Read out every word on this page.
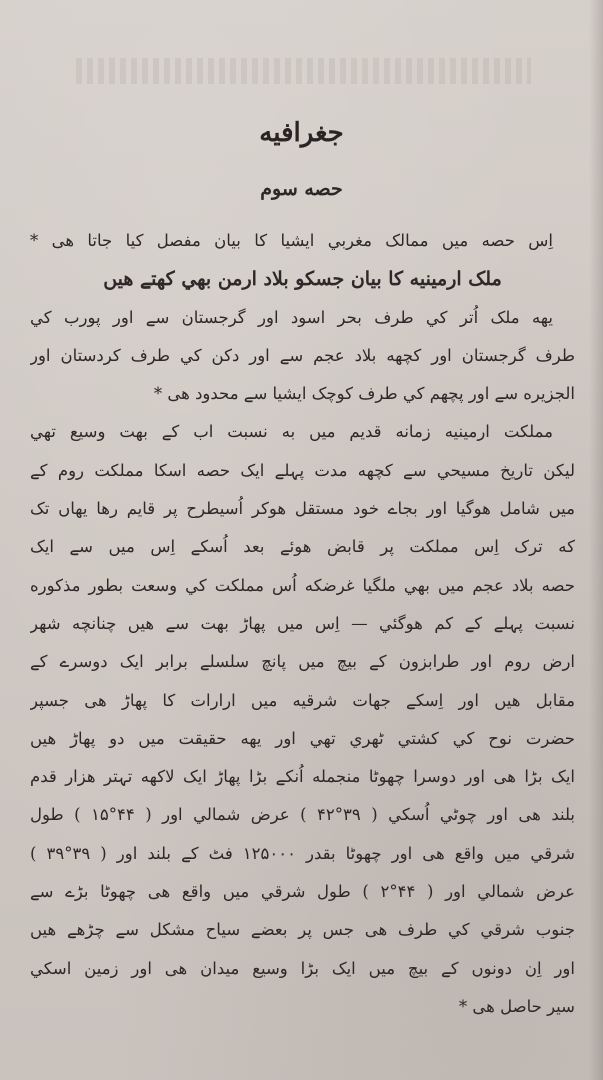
جغرافیه
حصه سوم
اِس حصه میں ممالک مغربي ایشیا کا بیان مفصل کیا جاتا هی *
ملک ارمینیه کا بیان جسکو بلاد ارمن بهي کهتے هیں
یهه ملک اُتر کي طرف بحر اسود اور گرجستان سے اور پورب کي
طرف گرجستان اور کچهه بلاد عجم سے اور دکن کي طرف کردستان اور
الجزیره سے اور پچهم کي طرف کوچک ایشیا سے محدود هی *
مملکت ارمینیه زمانه قدیم میں به نسبت اب کے بهت وسیع تهي
لیکن تاریخ مسیحي سے کچهه مدت پہلے ایک حصه اسکا مملکت روم کے
میں شامل هوگیا اور بجاے خود مستقل هوکر اُسیطرح پر قایم رها یهاں تک
که ترک اِس مملکت پر قابض هوئے بعد اُسکے اِس میں سے ایک
حصه بلاد عجم میں بهي ملگیا غرضکه اُس مملکت کي وسعت بطور مذکوره
نسبت پہلے کے کم هوگئي — اِس میں پهاڑ بهت سے هیں چنانچه شهر
ارض روم اور طرابزون کے بیچ میں پانچ سلسلے برابر ایک دوسرے کے
مقابل هیں اور اِسکے جهات شرقیه میں ارارات کا پهاڑ هی جسپر
حضرت نوح کي کشتي ٹهري تهي اور یهه حقیقت میں دو پهاڑ هیں
ایک بڑا هی اور دوسرا چهوٹا منجمله اُنکے بڑا پهاڑ ایک لاکهه تہتر هزار قدم
بلند هی اور چوٹي اُسکي ( ۳۹°۴۲ ) عرض شمالي اور ( ۴۴°۱۵ ) طول
شرقي میں واقع هی اور چهوٹا بقدر ۱۲۵۰۰۰ فٹ کے بلند اور ( ۳۹°۳۹ )
عرض شمالي اور ( ۴۴°۲ ) طول شرقي میں واقع هی چهوٹا بڑے سے
جنوب شرقي کي طرف هی جس پر بعضے سیاح مشکل سے چڑهے هیں
اور اِن دونوں کے بیچ میں ایک بڑا وسیع میدان هی اور زمین اسکي
سیر حاصل هی *
